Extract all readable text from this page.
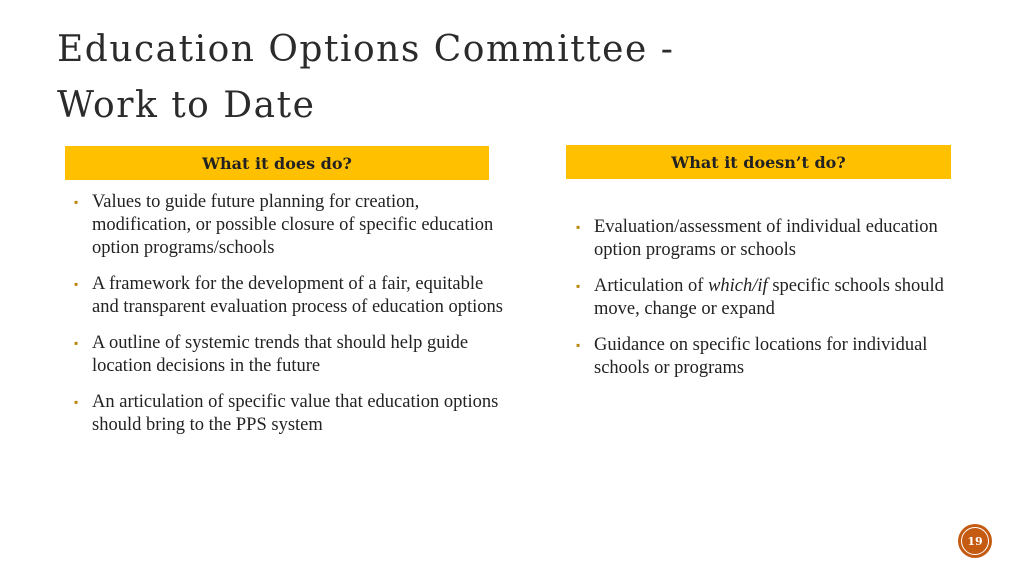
Education Options Committee - Work to Date
What it does do?	What it doesn’t do?
▪ Values to guide future planning for creation, modification, or possible closure of specific education option programs/schools
▪ A framework for the development of a fair, equitable and transparent evaluation process of education options
▪ A outline of systemic trends that should help guide location decisions in the future
▪ An articulation of specific value that education options should bring to the PPS system
▪ Evaluation/assessment of individual education option programs or schools
▪ Articulation of which/if specific schools should move, change or expand
▪ Guidance on specific locations for individual schools or programs
19
